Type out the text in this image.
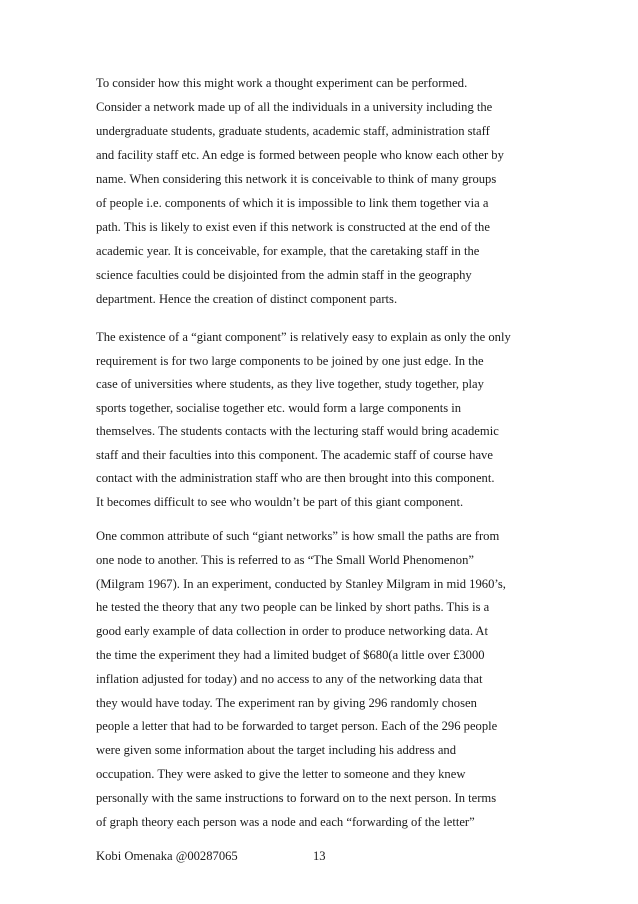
To consider how this might work a thought experiment can be performed.
Consider a network made up of all the individuals in a university including the
undergraduate students, graduate students, academic staff, administration staff
and facility staff etc. An edge is formed between people who know each other by
name. When considering this network it is conceivable to think of many groups
of people i.e. components of which it is impossible to link them together via a
path. This is likely to exist even if this network is constructed at the end of the
academic year. It is conceivable, for example, that the caretaking staff in the
science faculties could be disjointed from the admin staff in the geography
department. Hence the creation of distinct component parts.
The existence of a “giant component” is relatively easy to explain as only the only
requirement is for two large components to be joined by one just edge. In the
case of universities where students, as they live together, study together, play
sports together, socialise together etc. would form a large components in
themselves. The students contacts with the lecturing staff would bring academic
staff and their faculties into this component. The academic staff of course have
contact with the administration staff who are then brought into this component.
It becomes difficult to see who wouldn’t be part of this giant component.
One common attribute of such “giant networks” is how small the paths are from
one node to another. This is referred to as “The Small World Phenomenon”
(Milgram 1967). In an experiment, conducted by Stanley Milgram in mid 1960’s,
he tested the theory that any two people can be linked by short paths. This is a
good early example of data collection in order to produce networking data. At
the time the experiment they had a limited budget of $680(a little over £3000
inflation adjusted for today) and no access to any of the networking data that
they would have today. The experiment ran by giving 296 randomly chosen
people a letter that had to be forwarded to target person. Each of the 296 people
were given some information about the target including his address and
occupation. They were asked to give the letter to someone and they knew
personally with the same instructions to forward on to the next person. In terms
of graph theory each person was a node and each “forwarding of the letter”
Kobi Omenaka @00287065	13
